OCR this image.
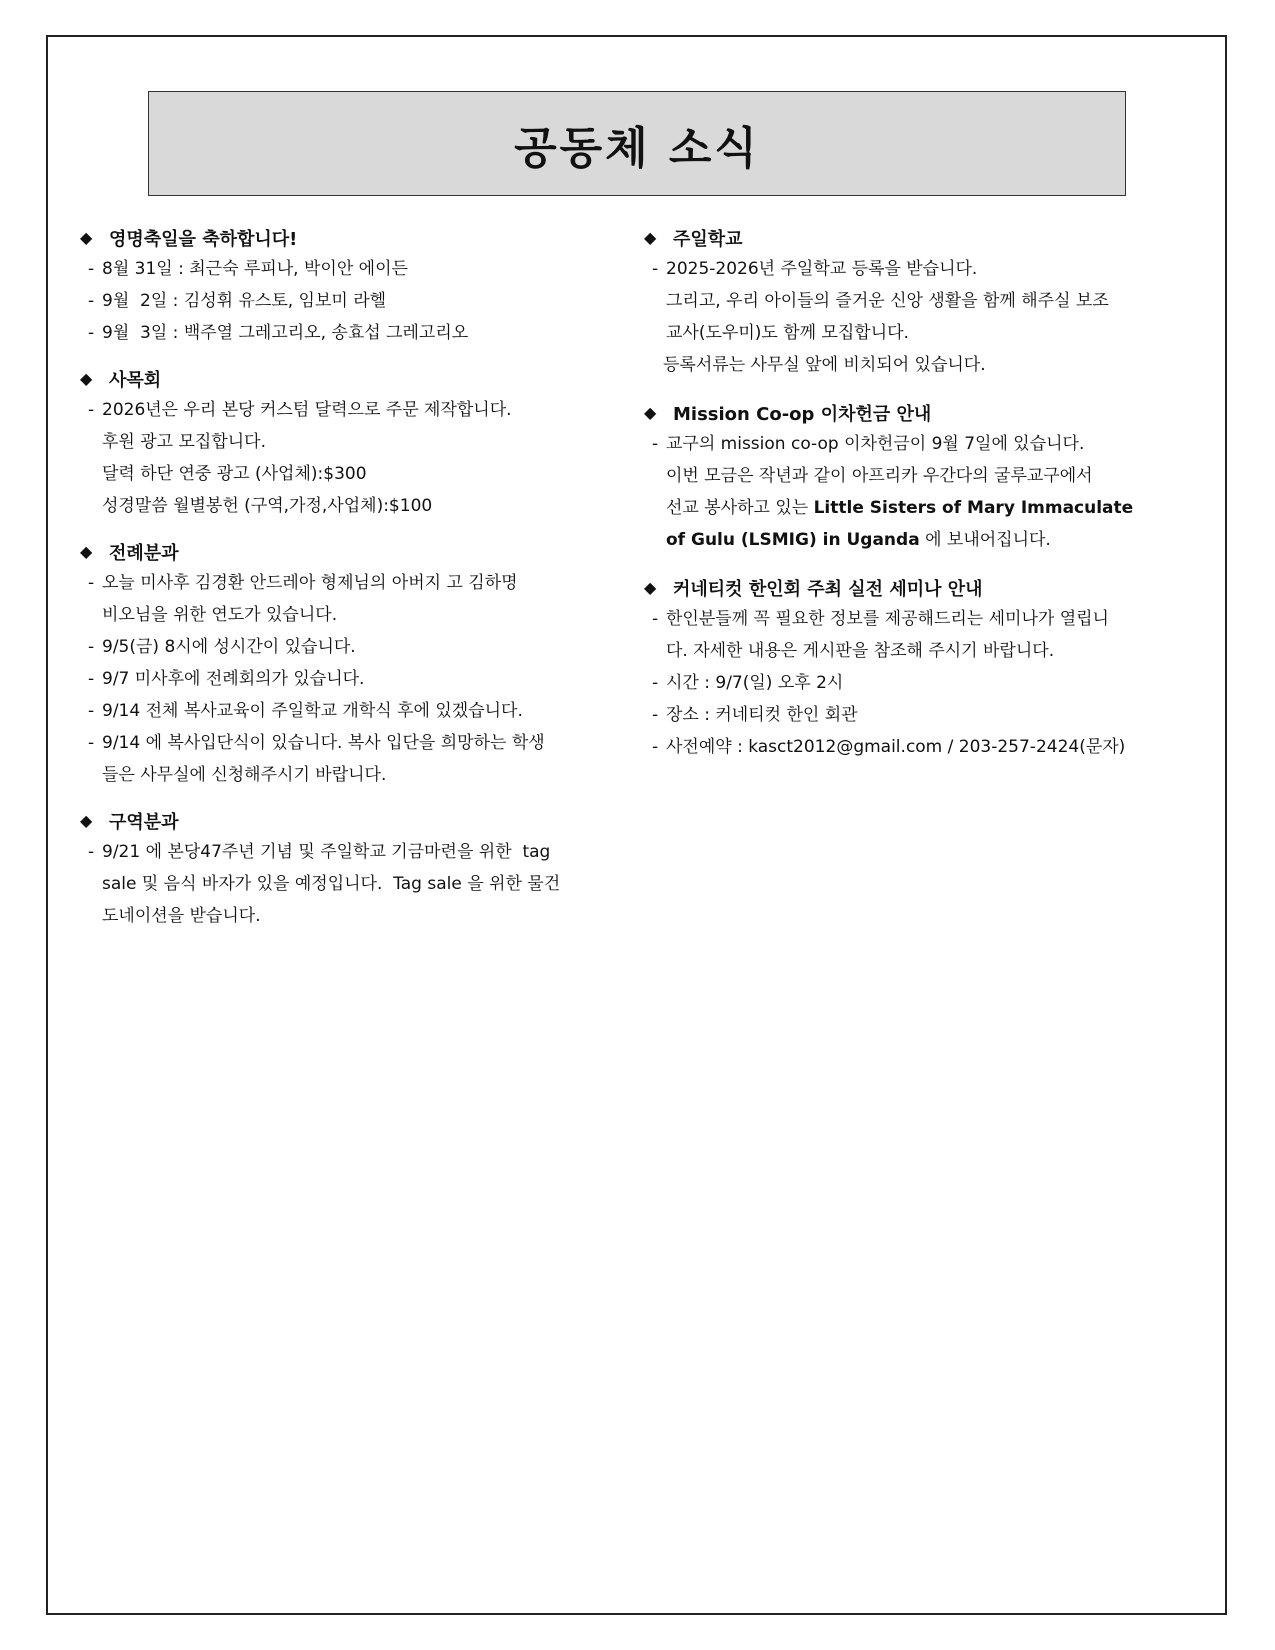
공동체 소식
◆ 영명축일을 축하합니다!
- 8월 31일 : 최근숙 루피나, 박이안 에이든
- 9월  2일 : 김성휘 유스토, 임보미 라헬
- 9월  3일 : 백주열 그레고리오, 송효섭 그레고리오
◆ 사목회
- 2026년은 우리 본당 커스텀 달력으로 주문 제작합니다.
후원 광고 모집합니다.
달력 하단 연중 광고 (사업체):$300
성경말씀 월별봉헌 (구역,가정,사업체):$100
◆ 전례분과
- 오늘 미사후 김경환 안드레아 형제님의 아버지 고 김하명
비오님을 위한 연도가 있습니다.
- 9/5(금) 8시에 성시간이 있습니다.
- 9/7 미사후에 전례회의가 있습니다.
- 9/14 전체 복사교육이 주일학교 개학식 후에 있겠습니다.
- 9/14 에 복사입단식이 있습니다. 복사 입단을 희망하는 학생
들은 사무실에 신청해주시기 바랍니다.
◆ 구역분과
- 9/21 에 본당47주년 기념 및 주일학교 기금마련을 위한  tag
sale 및 음식 바자가 있을 예정입니다.  Tag sale 을 위한 물건
도네이션을 받습니다.
◆ 주일학교
- 2025-2026년 주일학교 등록을 받습니다.
그리고, 우리 아이들의 즐거운 신앙 생활을 함께 해주실 보조
교사(도우미)도 함께 모집합니다.
등록서류는 사무실 앞에 비치되어 있습니다.
◆ Mission Co-op 이차헌금 안내
- 교구의 mission co-op 이차헌금이 9월 7일에 있습니다.
이번 모금은 작년과 같이 아프리카 우간다의 굴루교구에서
선교 봉사하고 있는 Little Sisters of Mary Immaculate
of Gulu (LSMIG) in Uganda 에 보내어집니다.
◆ 커네티컷 한인회 주최 실전 세미나 안내
- 한인분들께 꼭 필요한 정보를 제공해드리는 세미나가 열립니
다. 자세한 내용은 게시판을 참조해 주시기 바랍니다.
- 시간 : 9/7(일) 오후 2시
- 장소 : 커네티컷 한인 회관
- 사전예약 : kasct2012@gmail.com / 203-257-2424(문자)
